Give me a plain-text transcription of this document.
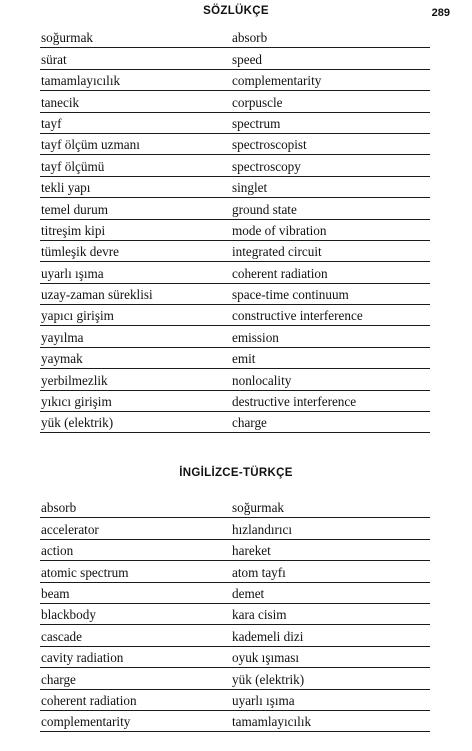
SÖZLÜKÇE	289
soğurmak	absorb
sürat	speed
tamamlayıcılık	complementarity
tanecik	corpuscle
tayf	spectrum
tayf ölçüm uzmanı	spectroscopist
tayf ölçümü	spectroscopy
tekli yapı	singlet
temel durum	ground state
titreşim kipi	mode of vibration
tümleşik devre	integrated circuit
uyarlı ışıma	coherent radiation
uzay-zaman süreklisi	space-time continuum
yapıcı girişim	constructive interference
yayılma	emission
yaymak	emit
yerbilmezlik	nonlocality
yıkıcı girişim	destructive interference
yük (elektrik)	charge
İNGİLİZCE-TÜRKÇE
absorb	soğurmak
accelerator	hızlandırıcı
action	hareket
atomic spectrum	atom tayfı
beam	demet
blackbody	kara cisim
cascade	kademeli dizi
cavity radiation	oyuk ışıması
charge	yük (elektrik)
coherent radiation	uyarlı ışıma
complementarity	tamamlayıcılık
